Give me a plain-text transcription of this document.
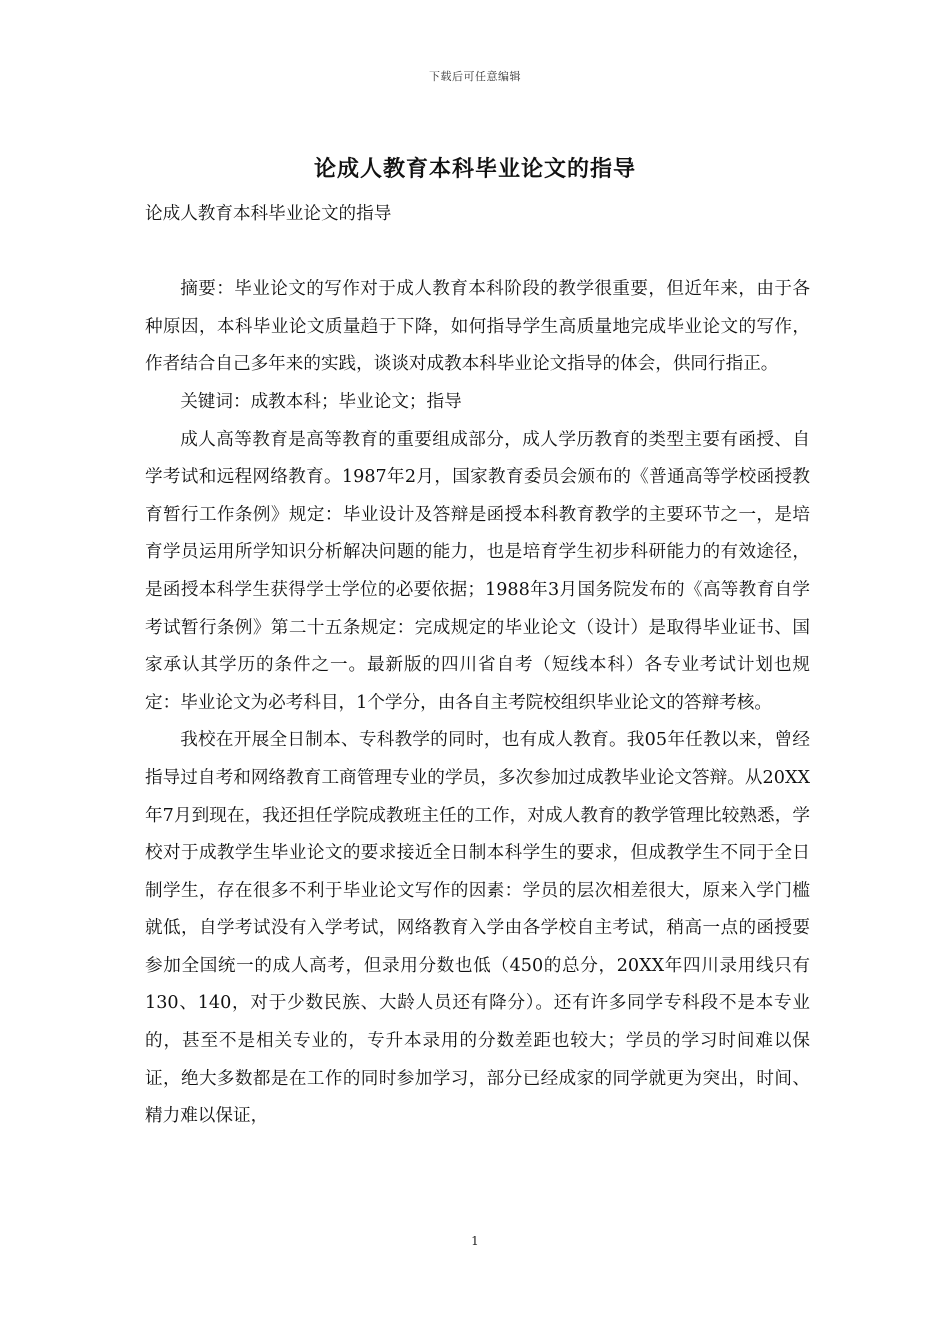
下载后可任意编辑
论成人教育本科毕业论文的指导

论成人教育本科毕业论文的指导

摘要：毕业论文的写作对于成人教育本科阶段的教学很重要，但近年来，由于各种原因，本科毕业论文质量趋于下降，如何指导学生高质量地完成毕业论文的写作，作者结合自己多年来的实践，谈谈对成教本科毕业论文指导的体会，供同行指正。

关键词：成教本科；毕业论文；指导

成人高等教育是高等教育的重要组成部分，成人学历教育的类型主要有函授、自学考试和远程网络教育。1987年2月，国家教育委员会颁布的《普通高等学校函授教育暂行工作条例》规定：毕业设计及答辩是函授本科教育教学的主要环节之一，是培育学员运用所学知识分析解决问题的能力，也是培育学生初步科研能力的有效途径，是函授本科学生获得学士学位的必要依据；1988年3月国务院发布的《高等教育自学考试暂行条例》第二十五条规定：完成规定的毕业论文（设计）是取得毕业证书、国家承认其学历的条件之一。最新版的四川省自考（短线本科）各专业考试计划也规定：毕业论文为必考科目，1个学分，由各自主考院校组织毕业论文的答辩考核。

我校在开展全日制本、专科教学的同时，也有成人教育。我05年任教以来，曾经指导过自考和网络教育工商管理专业的学员，多次参加过成教毕业论文答辩。从20XX年7月到现在，我还担任学院成教班主任的工作，对成人教育的教学管理比较熟悉，学校对于成教学生毕业论文的要求接近全日制本科学生的要求，但成教学生不同于全日制学生，存在很多不利于毕业论文写作的因素：学员的层次相差很大，原来入学门槛就低，自学考试没有入学考试，网络教育入学由各学校自主考试，稍高一点的函授要参加全国统一的成人高考，但录用分数也低（450的总分，20XX年四川录用线只有130、140，对于少数民族、大龄人员还有降分）。还有许多同学专科段不是本专业的，甚至不是相关专业的，专升本录用的分数差距也较大；学员的学习时间难以保证，绝大多数都是在工作的同时参加学习，部分已经成家的同学就更为突出，时间、精力难以保证，

1
